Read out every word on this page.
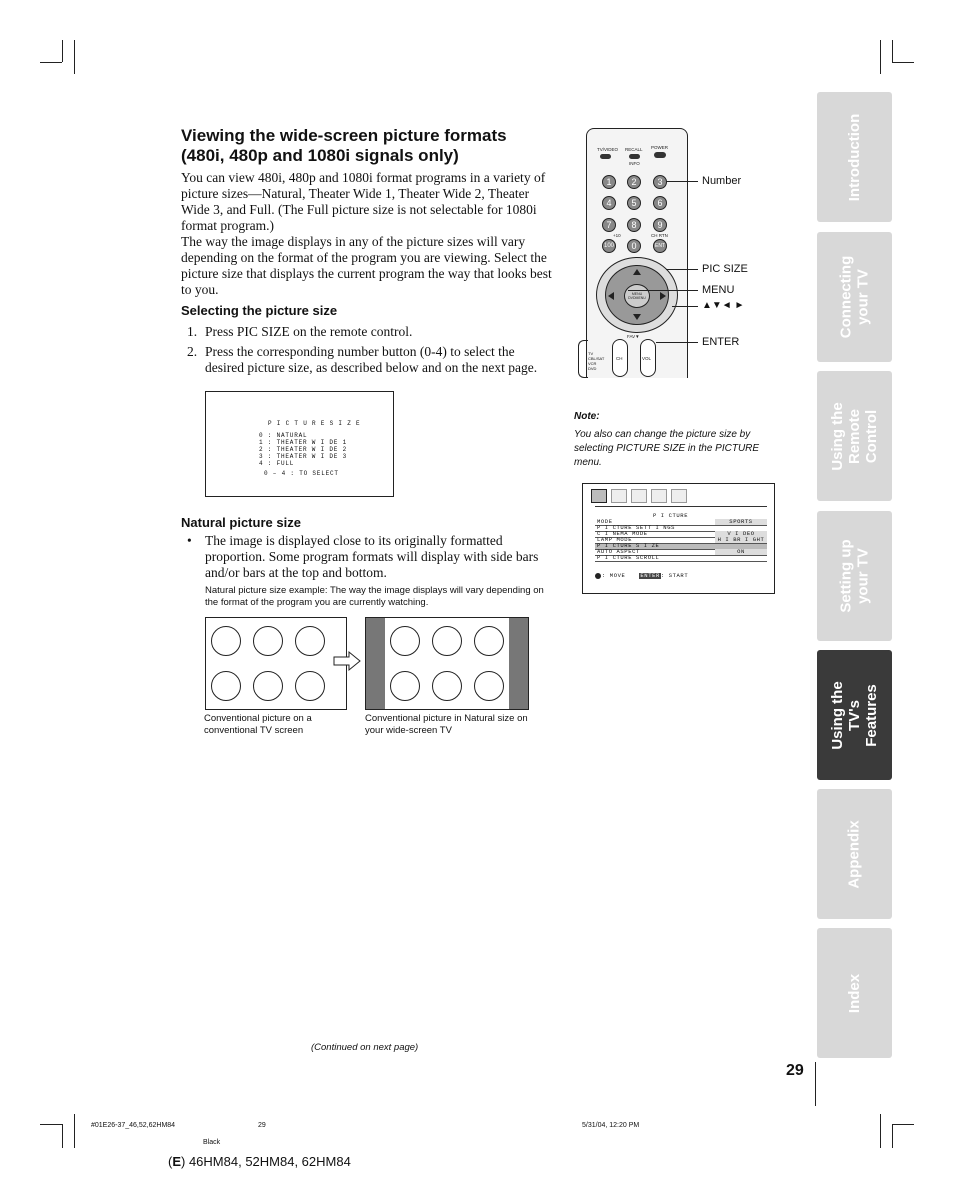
Viewing the wide-screen picture formats
(480i, 480p and 1080i signals only)

You can view 480i, 480p and 1080i format programs in a variety of picture sizes—Natural, Theater Wide 1, Theater Wide 2, Theater Wide 3, and Full. (The Full picture size is not selectable for 1080i format program.)

The way the image displays in any of the picture sizes will vary depending on the format of the program you are viewing. Select the picture size that displays the current program the way that looks best to you.

Selecting the picture size
1. Press PIC SIZE on the remote control.
2. Press the corresponding number button (0-4) to select the desired picture size, as described below and on the next page.
P I C T U R E S I Z E
0 : NATURAL
1 : THEATER W I DE 1
2 : THEATER W I DE 2
3 : THEATER W I DE 3
4 : FULL
0 – 4 : TO SELECT
Natural picture size
• The image is displayed close to its originally formatted proportion. Some program formats will display with side bars and/or bars at the top and bottom.

Natural picture size example: The way the image displays will vary depending on the format of the program you are currently watching.

Conventional picture on a conventional TV screen

Conventional picture in Natural size on your wide-screen TV

TV/VIDEO RECALL POWER
INFO
1	2	3
4	5	6
7	8	9
+10	CH RTN
100	0	ENT
MENU DVDMENU
FAV▼
TV
CBL/SAT
VCR
DVD
CH	VOL
Number
PIC SIZE
MENU
▲▼◄ ►
ENTER
Note:

You also can change the picture size by selecting PICTURE SIZE in the PICTURE menu.

P I CTURE
MODE	SPORTS
P I CTURE SETT I NGS
C I NEMA MODE	V I DEO
LAMP MODE	H I BR I GHT
P I CTURE S I ZE
AUTO ASPECT	ON
P I CTURE SCROLL
: MOVE	ENTER : START
Introduction
Connecting your TV
Using the Remote Control
Setting up your TV
Using the TV's Features
Appendix
Index
(Continued on next page)
29
#01E26-37_46,52,62HM84	29	5/31/04, 12:20 PM
Black
(E) 46HM84, 52HM84, 62HM84
